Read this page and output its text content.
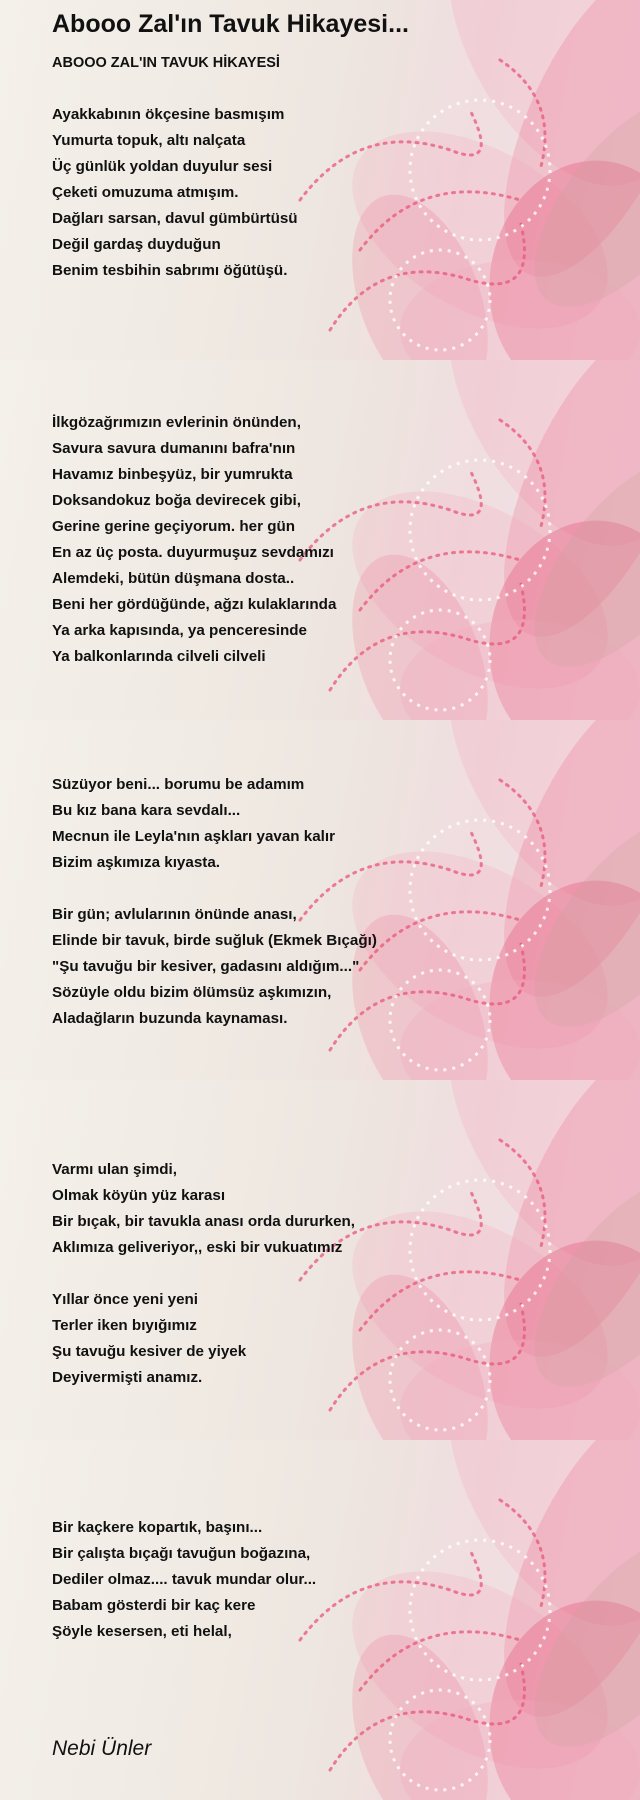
Abooo Zal'ın Tavuk Hikayesi...
ABOOO ZAL'IN TAVUK HİKAYESİ
Ayakkabının ökçesine basmışım
Yumurta topuk, altı nalçata
Üç günlük yoldan duyulur sesi
Çeketi omuzuma atmışım.
Dağları sarsan, davul gümbürtüsü
Değil gardaş duyduğun
Benim tesbihin sabrımı öğütüşü.
İlkgözağrımızın evlerinin önünden,
Savura savura dumanını bafra'nın
Havamız binbeşyüz, bir yumrukta
Doksandokuz boğa devirecek gibi,
Gerine gerine geçiyorum. her gün
En az üç posta. duyurmuşuz sevdamızı
Alemdeki, bütün düşmana dosta..
Beni her gördüğünde, ağzı kulaklarında
Ya arka kapısında, ya penceresinde
Ya balkonlarında cilveli cilveli
Süzüyor beni... borumu be adamım
Bu kız bana kara sevdalı...
Mecnun ile Leyla'nın aşkları yavan kalır
Bizim aşkımıza kıyasta.
Bir gün; avlularının önünde anası,
Elinde bir tavuk, birde suğluk (Ekmek Bıçağı)
"Şu tavuğu bir kesiver, gadasını aldığım..."
Sözüyle oldu bizim ölümsüz aşkımızın,
Aladağların buzunda kaynaması.
Varmı ulan şimdi,
Olmak köyün yüz karası
Bir bıçak, bir tavukla anası orda dururken,
Aklımıza geliveriyor,, eski bir vukuatımız
Yıllar önce yeni yeni
Terler iken bıyığımız
Şu tavuğu kesiver de yiyek
Deyivermişti anamız.
Bir kaçkere kopartık, başını...
Bir çalışta bıçağı tavuğun boğazına,
Dediler olmaz.... tavuk mundar olur...
Babam gösterdi bir kaç kere
Şöyle kesersen, eti helal,
Nebi Ünler
